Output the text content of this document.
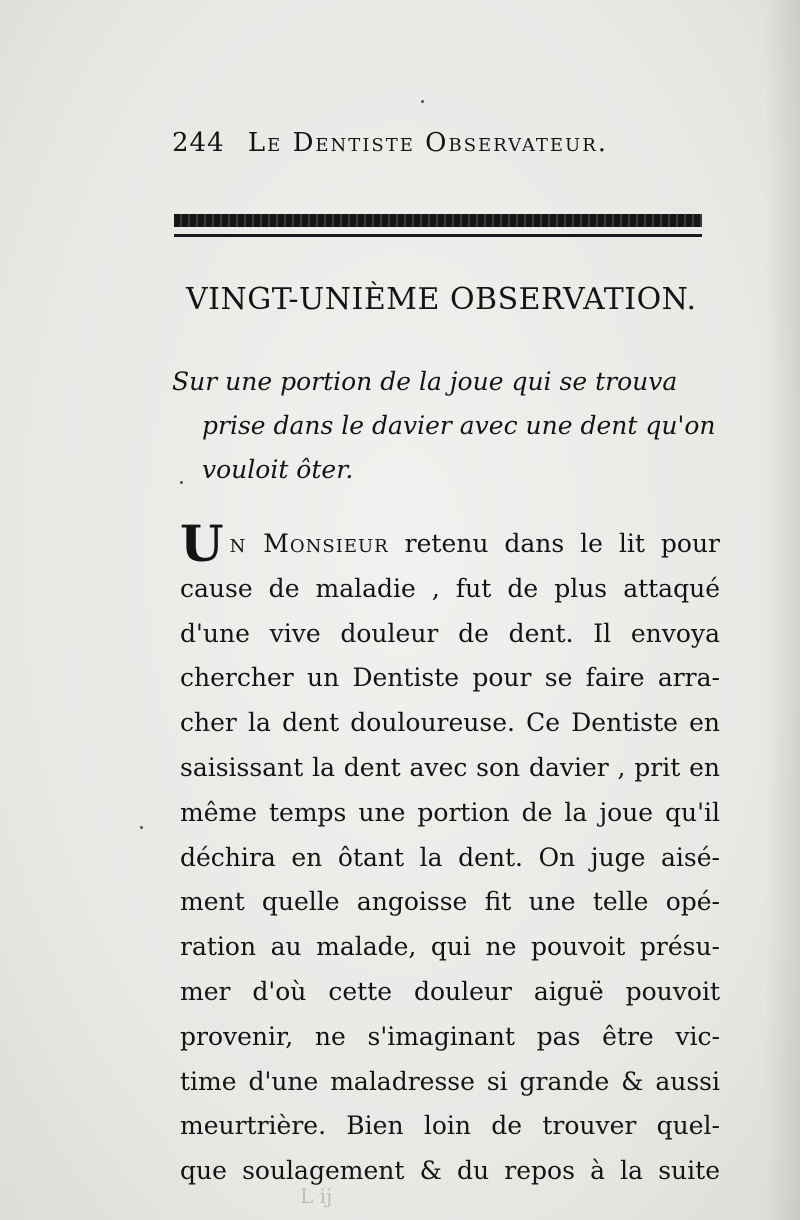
244 Le Dentiste Observateur.
VINGT-UNIÈME OBSERVATION.
Sur une portion de la joue qui se trouva
prise dans le davier avec une dent qu'on
vouloit ôter.
U n Monsieur retenu dans le lit pour
cause de maladie , fut de plus attaqué
d'une vive douleur de dent. Il envoya
chercher un Dentiste pour se faire arra-
cher la dent douloureuse. Ce Dentiste en
saisissant la dent avec son davier , prit en
même temps une portion de la joue qu'il
déchira en ôtant la dent. On juge aisé-
ment quelle angoisse fit une telle opé-
ration au malade, qui ne pouvoit présu-
mer d'où cette douleur aiguë pouvoit
provenir, ne s'imaginant pas être vic-
time d'une maladresse si grande & aussi
meurtrière. Bien loin de trouver quel-
que soulagement & du repos à la suite
L ij
